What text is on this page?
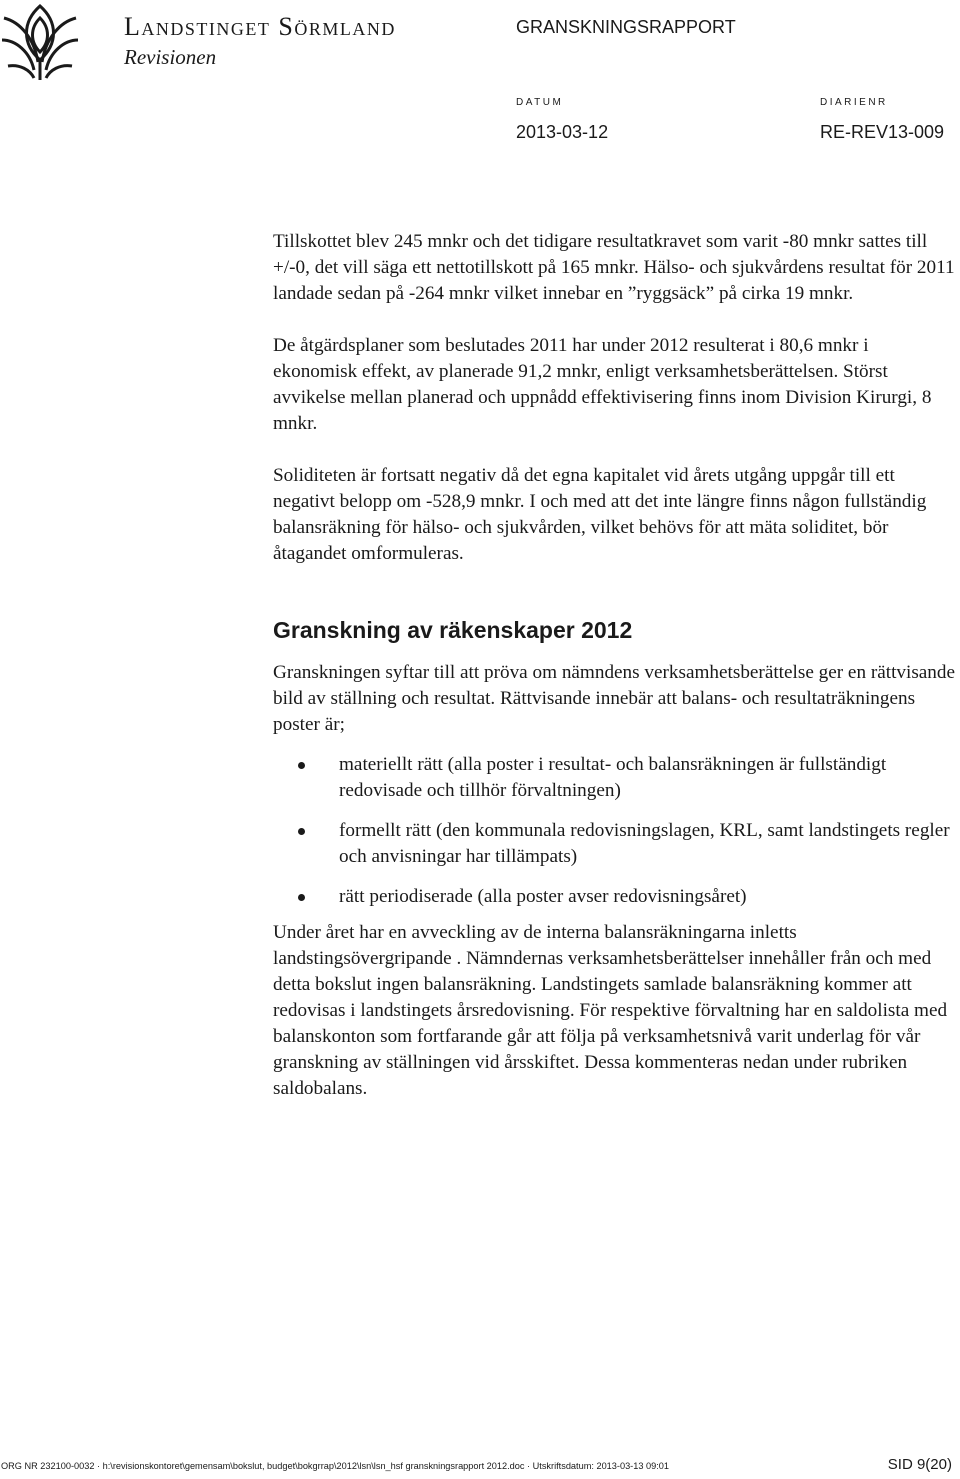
Landstinget Sörmland
Revisionen
GRANSKNINGSRAPPORT
DATUM
2013-03-12
DIARIENR
RE-REV13-009

Tillskottet blev 245 mnkr och det tidigare resultatkravet som varit -80 mnkr sattes till +/-0, det vill säga ett nettotillskott på 165 mnkr. Hälso- och sjukvårdens resultat för 2011 landade sedan på -264 mnkr vilket innebar en ”ryggsäck” på cirka 19 mnkr.

De åtgärdsplaner som beslutades 2011 har under 2012 resulterat i 80,6 mnkr i ekonomisk effekt, av planerade 91,2 mnkr, enligt verksamhetsberättelsen. Störst avvikelse mellan planerad och uppnådd effektivisering finns inom Division Kirurgi, 8 mnkr.

Soliditeten är fortsatt negativ då det egna kapitalet vid årets utgång uppgår till ett negativt belopp om -528,9 mnkr. I och med att det inte längre finns någon fullständig balansräkning för hälso- och sjukvården, vilket behövs för att mäta soliditet, bör åtagandet omformuleras.

Granskning av räkenskaper 2012

Granskningen syftar till att pröva om nämndens verksamhetsberättelse ger en rättvisande bild av ställning och resultat. Rättvisande innebär att balans- och resultaträkningens poster är;

materiellt rätt (alla poster i resultat- och balansräkningen är fullständigt redovisade och tillhör förvaltningen)
formellt rätt (den kommunala redovisningslagen, KRL, samt landstingets regler och anvisningar har tillämpats)
rätt periodiserade (alla poster avser redovisningsåret)

Under året har en avveckling av de interna balansräkningarna inletts landstingsövergripande . Nämndernas verksamhetsberättelser innehåller från och med detta bokslut ingen balansräkning. Landstingets samlade balansräkning kommer att redovisas i landstingets årsredovisning. För respektive förvaltning har en saldolista med balanskonton som fortfarande går att följa på verksamhetsnivå varit underlag för vår granskning av ställningen vid årsskiftet. Dessa kommenteras nedan under rubriken saldobalans.

ORG NR 232100-0032 · h:\revisionskontoret\gemensam\bokslut, budget\bokgrrap\2012\lsn\lsn_hsf granskningsrapport 2012.doc · Utskriftsdatum: 2013-03-13 09:01	SID 9(20)
